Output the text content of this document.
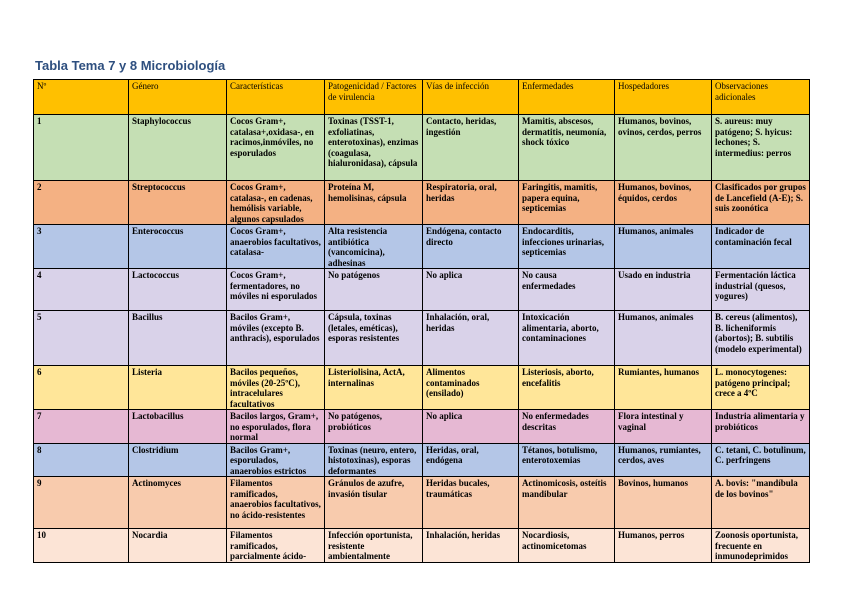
Tabla Tema 7 y 8 Microbiología
Nº	Género	Características	Patogenicidad / Factores de virulencia	Vías de infección	Enfermedades	Hospedadores	Observaciones adicionales
1	Staphylococcus	Cocos Gram+, catalasa+,oxidasa-, en racimos,inmóviles, no esporulados	Toxinas (TSST-1, exfoliatinas, enterotoxinas), enzimas (coagulasa, hialuronidasa), cápsula	Contacto, heridas, ingestión	Mamitis, abscesos, dermatitis, neumonía, shock tóxico	Humanos, bovinos, ovinos, cerdos, perros	S. aureus: muy patógeno; S. hyicus: lechones; S. intermedius: perros
2	Streptococcus	Cocos Gram+, catalasa-, en cadenas, hemólisis variable, algunos capsulados	Proteína M, hemolisinas, cápsula	Respiratoria, oral, heridas	Faringitis, mamitis, papera equina, septicemias	Humanos, bovinos, équidos, cerdos	Clasificados por grupos de Lancefield (A-E); S. suis zoonótica
3	Enterococcus	Cocos Gram+, anaerobios facultativos, catalasa-	Alta resistencia antibiótica (vancomicina), adhesinas	Endógena, contacto directo	Endocarditis, infecciones urinarias, septicemias	Humanos, animales	Indicador de contaminación fecal
4	Lactococcus	Cocos Gram+, fermentadores, no móviles ni esporulados	No patógenos	No aplica	No causa enfermedades	Usado en industria	Fermentación láctica industrial (quesos, yogures)
5	Bacillus	Bacilos Gram+, móviles (excepto B. anthracis), esporulados	Cápsula, toxinas (letales, eméticas), esporas resistentes	Inhalación, oral, heridas	Intoxicación alimentaria, aborto, contaminaciones	Humanos, animales	B. cereus (alimentos), B. licheniformis (abortos); B. subtilis (modelo experimental)
6	Listeria	Bacilos pequeños, móviles (20-25ºC), intracelulares facultativos	Listeriolisina, ActA, internalinas	Alimentos contaminados (ensilado)	Listeriosis, aborto, encefalitis	Rumiantes, humanos	L. monocytogenes: patógeno principal; crece a 4ºC
7	Lactobacillus	Bacilos largos, Gram+, no esporulados, flora normal	No patógenos, probióticos	No aplica	No enfermedades descritas	Flora intestinal y vaginal	Industria alimentaria y probióticos
8	Clostridium	Bacilos Gram+, esporulados, anaerobios estrictos	Toxinas (neuro, entero, histotoxinas), esporas deformantes	Heridas, oral, endógena	Tétanos, botulismo, enterotoxemias	Humanos, rumiantes, cerdos, aves	C. tetani, C. botulinum, C. perfringens
9	Actinomyces	Filamentos ramificados, anaerobios facultativos, no ácido-resistentes	Gránulos de azufre, invasión tisular	Heridas bucales, traumáticas	Actinomicosis, osteítis mandibular	Bovinos, humanos	A. bovis: "mandíbula de los bovinos"
10	Nocardia	Filamentos ramificados, parcialmente ácido-	Infección oportunista, resistente ambientalmente	Inhalación, heridas	Nocardiosis, actinomicetomas	Humanos, perros	Zoonosis oportunista, frecuente en inmunodeprimidos
